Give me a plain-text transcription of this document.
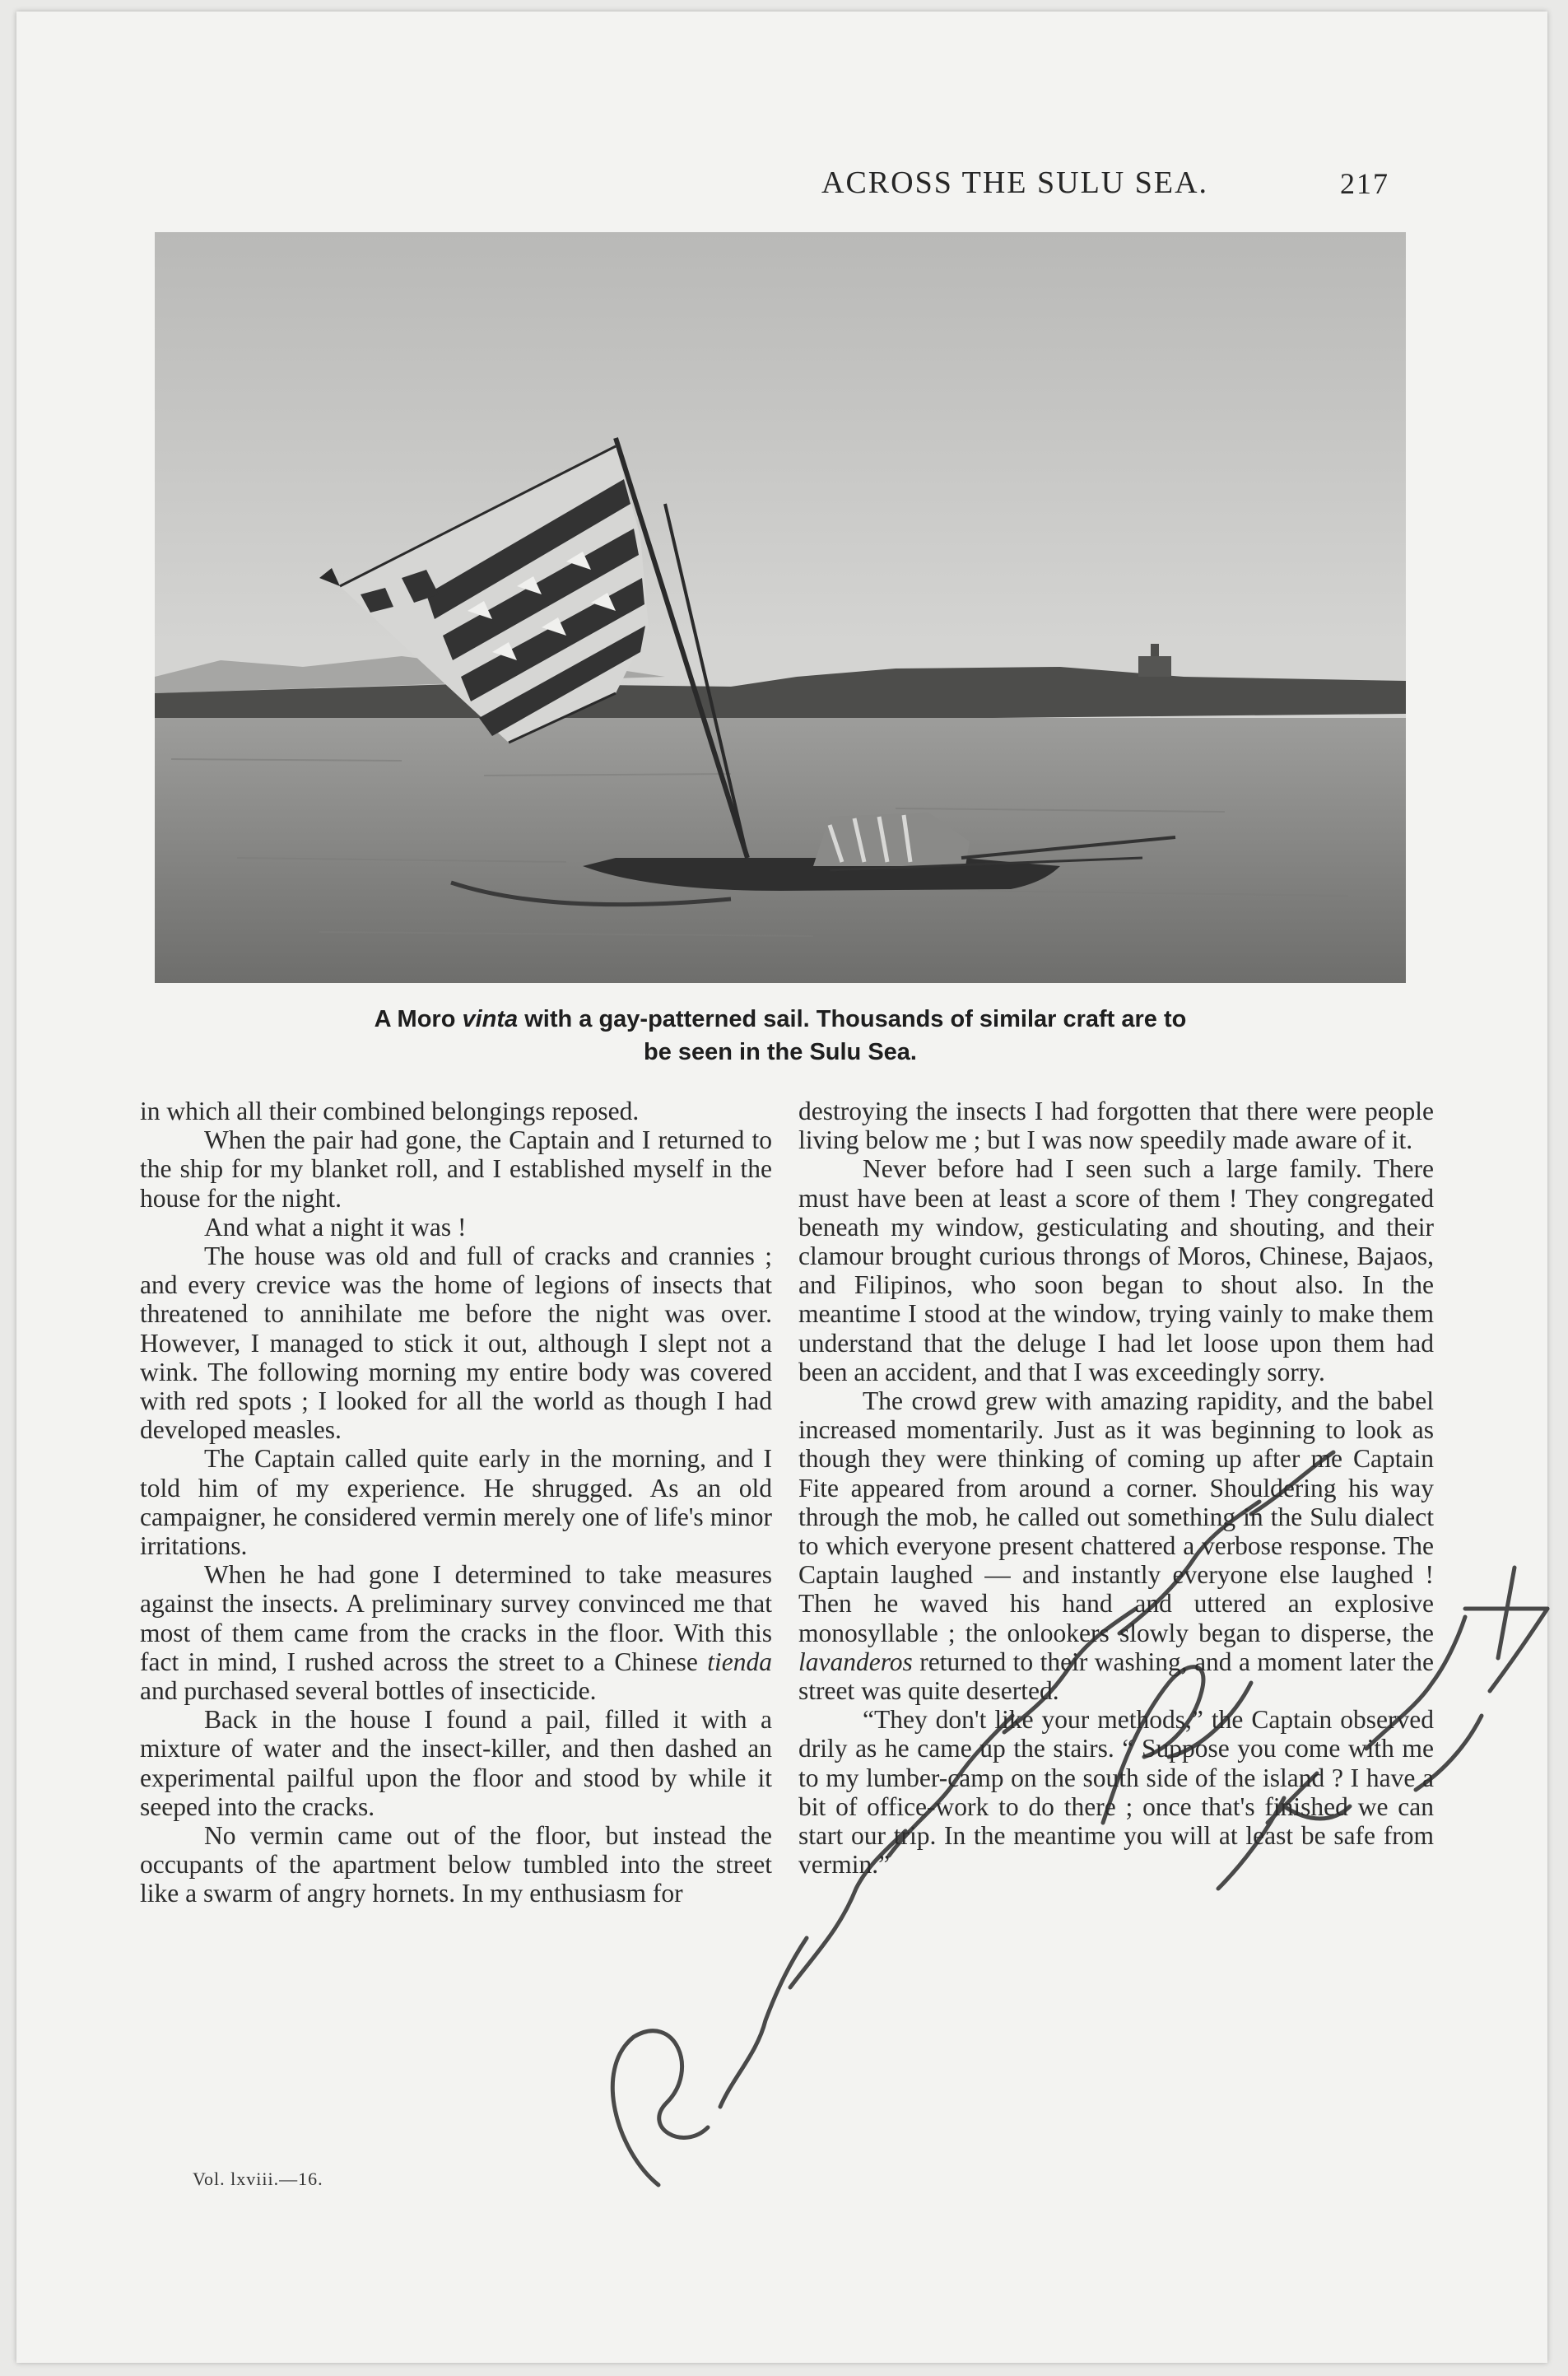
ACROSS THE SULU SEA.	217
A Moro vinta with a gay-patterned sail. Thousands of similar craft are to
be seen in the Sulu Sea.

in which all their combined belongings reposed.

When the pair had gone, the Captain and I returned to the ship for my blanket roll, and I established myself in the house for the night.

And what a night it was !

The house was old and full of cracks and crannies ; and every crevice was the home of legions of insects that threatened to annihilate me before the night was over. However, I managed to stick it out, although I slept not a wink. The following morning my entire body was covered with red spots ; I looked for all the world as though I had developed measles.

The Captain called quite early in the morning, and I told him of my experience. He shrugged. As an old campaigner, he considered vermin merely one of life's minor irritations.

When he had gone I determined to take measures against the insects. A preliminary survey convinced me that most of them came from the cracks in the floor. With this fact in mind, I rushed across the street to a Chinese tienda and purchased several bottles of insecticide.

Back in the house I found a pail, filled it with a mixture of water and the insect-killer, and then dashed an experimental pailful upon the floor and stood by while it seeped into the cracks.

No vermin came out of the floor, but instead the occupants of the apartment below tumbled into the street like a swarm of angry hornets. In my enthusiasm for

destroying the insects I had forgotten that there were people living below me ; but I was now speedily made aware of it.

Never before had I seen such a large family. There must have been at least a score of them ! They congregated beneath my window, gesticulating and shouting, and their clamour brought curious throngs of Moros, Chinese, Bajaos, and Filipinos, who soon began to shout also. In the meantime I stood at the window, trying vainly to make them understand that the deluge I had let loose upon them had been an accident, and that I was exceedingly sorry.

The crowd grew with amazing rapidity, and the babel increased momentarily. Just as it was beginning to look as though they were thinking of coming up after me Captain Fite appeared from around a corner. Shouldering his way through the mob, he called out something in the Sulu dialect to which everyone present chattered a verbose response. The Captain laughed — and instantly everyone else laughed ! Then he waved his hand and uttered an explosive monosyllable ; the onlookers slowly began to disperse, the lavanderos returned to their washing, and a moment later the street was quite deserted.

“They don't like your methods,” the Captain observed drily as he came up the stairs. “ Suppose you come with me to my lumber-camp on the south side of the island ? I have a bit of office-work to do there ; once that's finished we can start our trip. In the meantime you will at least be safe from vermin.”

Vol. lxviii.—16.
